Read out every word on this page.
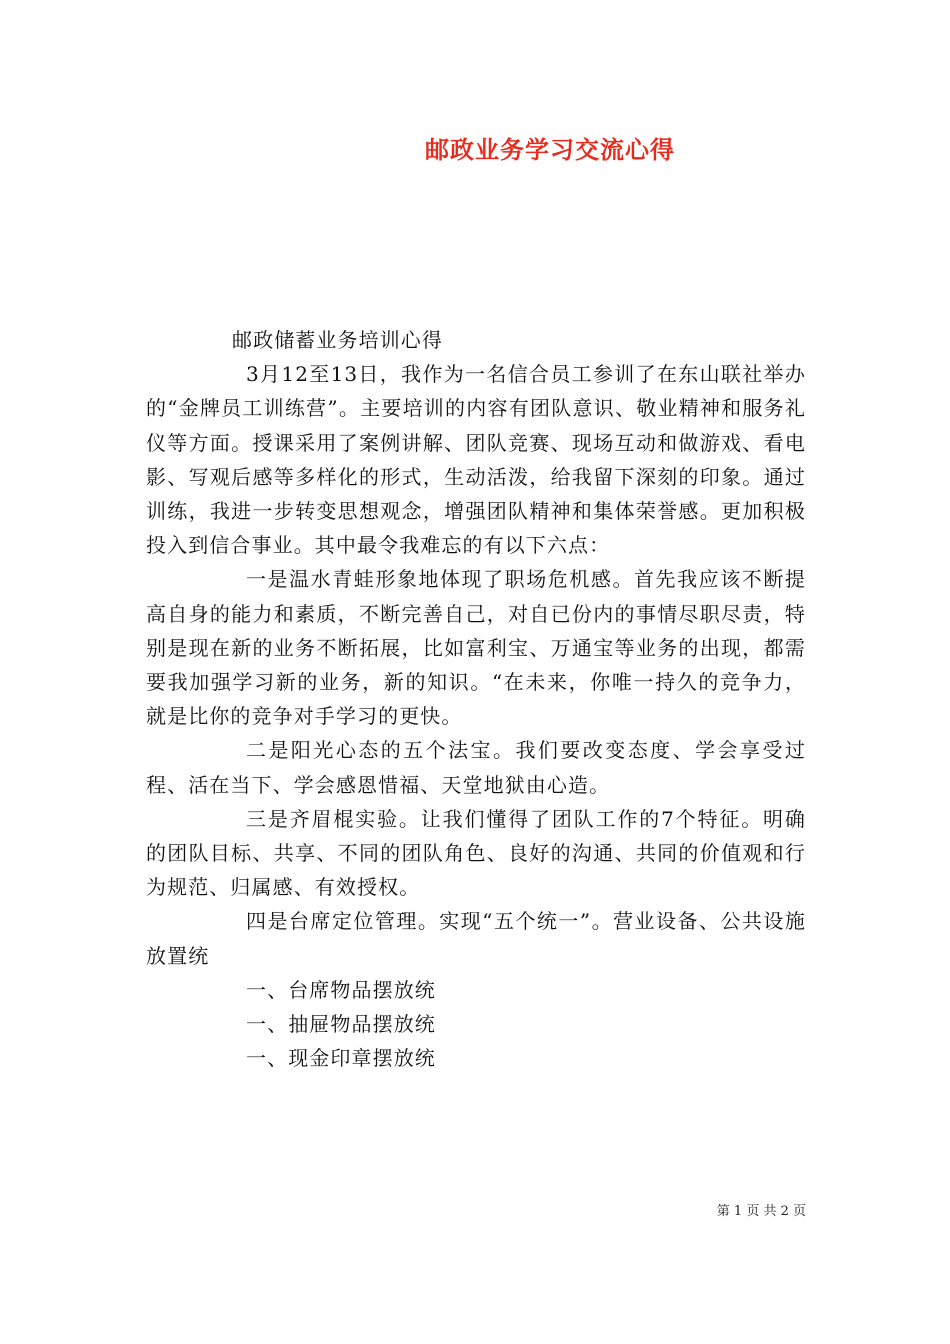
邮政业务学习交流心得

邮政储蓄业务培训心得

3月12至13日，我作为一名信合员工参训了在东山联社举办的“金牌员工训练营”。主要培训的内容有团队意识、敬业精神和服务礼仪等方面。授课采用了案例讲解、团队竞赛、现场互动和做游戏、看电影、写观后感等多样化的形式，生动活泼，给我留下深刻的印象。通过训练，我进一步转变思想观念，增强团队精神和集体荣誉感。更加积极投入到信合事业。其中最令我难忘的有以下六点：

一是温水青蛙形象地体现了职场危机感。首先我应该不断提高自身的能力和素质，不断完善自己，对自已份内的事情尽职尽责，特别是现在新的业务不断拓展，比如富利宝、万通宝等业务的出现，都需要我加强学习新的业务，新的知识。“在未来，你唯一持久的竞争力，就是比你的竞争对手学习的更快。

二是阳光心态的五个法宝。我们要改变态度、学会享受过程、活在当下、学会感恩惜福、天堂地狱由心造。

三是齐眉棍实验。让我们懂得了团队工作的7个特征。明确的团队目标、共享、不同的团队角色、良好的沟通、共同的价值观和行为规范、归属感、有效授权。

四是台席定位管理。实现“五个统一”。营业设备、公共设施放置统

一、台席物品摆放统

一、抽屉物品摆放统

一、现金印章摆放统

第 1 页 共 2 页
